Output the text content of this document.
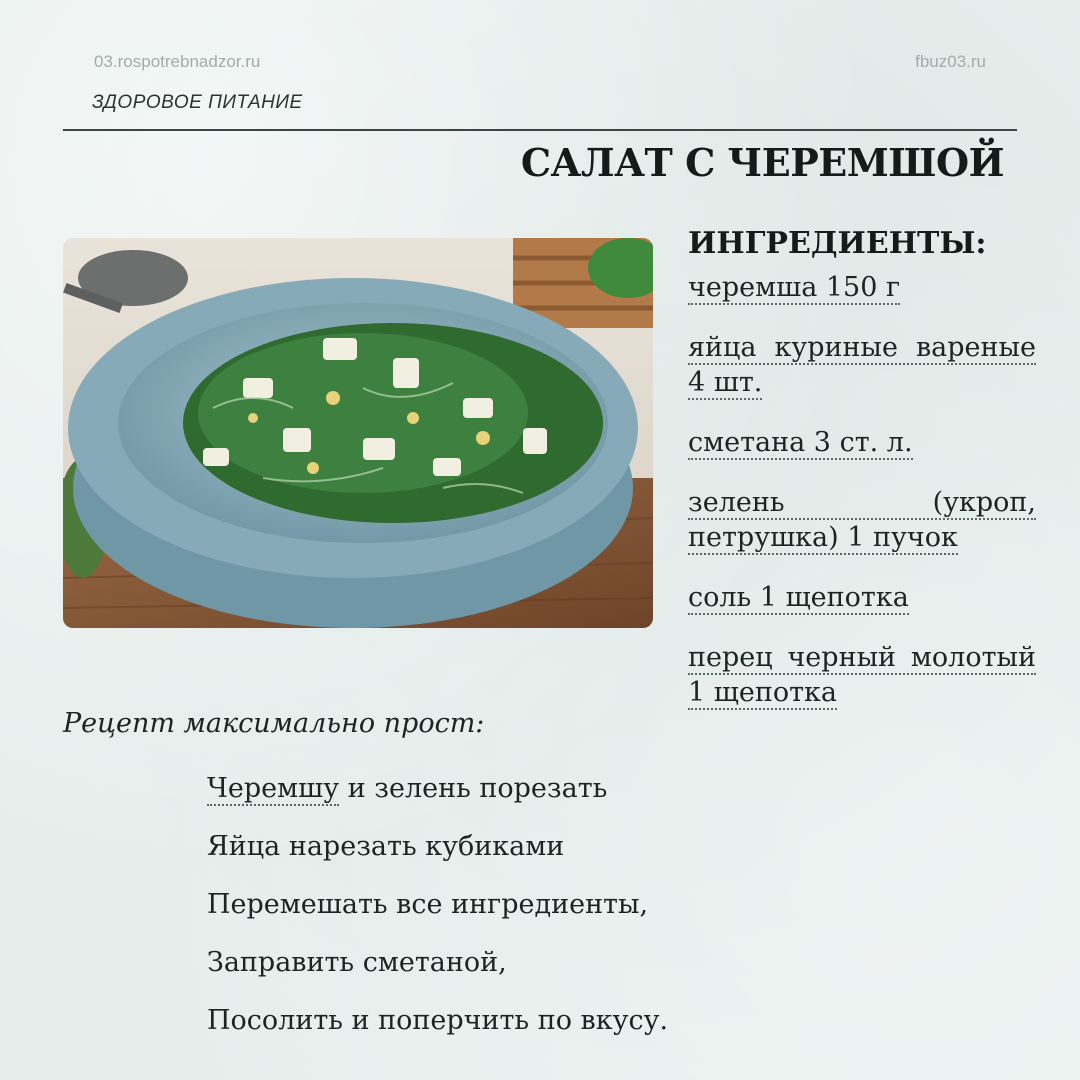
03.rospotrebnadzor.ru	fbuz03.ru
ЗДОРОВОЕ ПИТАНИЕ
САЛАТ С ЧЕРЕМШОЙ
ИНГРЕДИЕНТЫ:
черемша 150 г
яйца куриные вареные 4 шт.
сметана 3 ст. л.
зелень (укроп, петрушка) 1 пучок
соль 1 щепотка
перец черный молотый 1 щепотка
Рецепт максимально прост:
Черемшу и зелень порезать
Яйца нарезать кубиками
Перемешать все ингредиенты,
Заправить сметаной,
Посолить и поперчить по вкусу.
